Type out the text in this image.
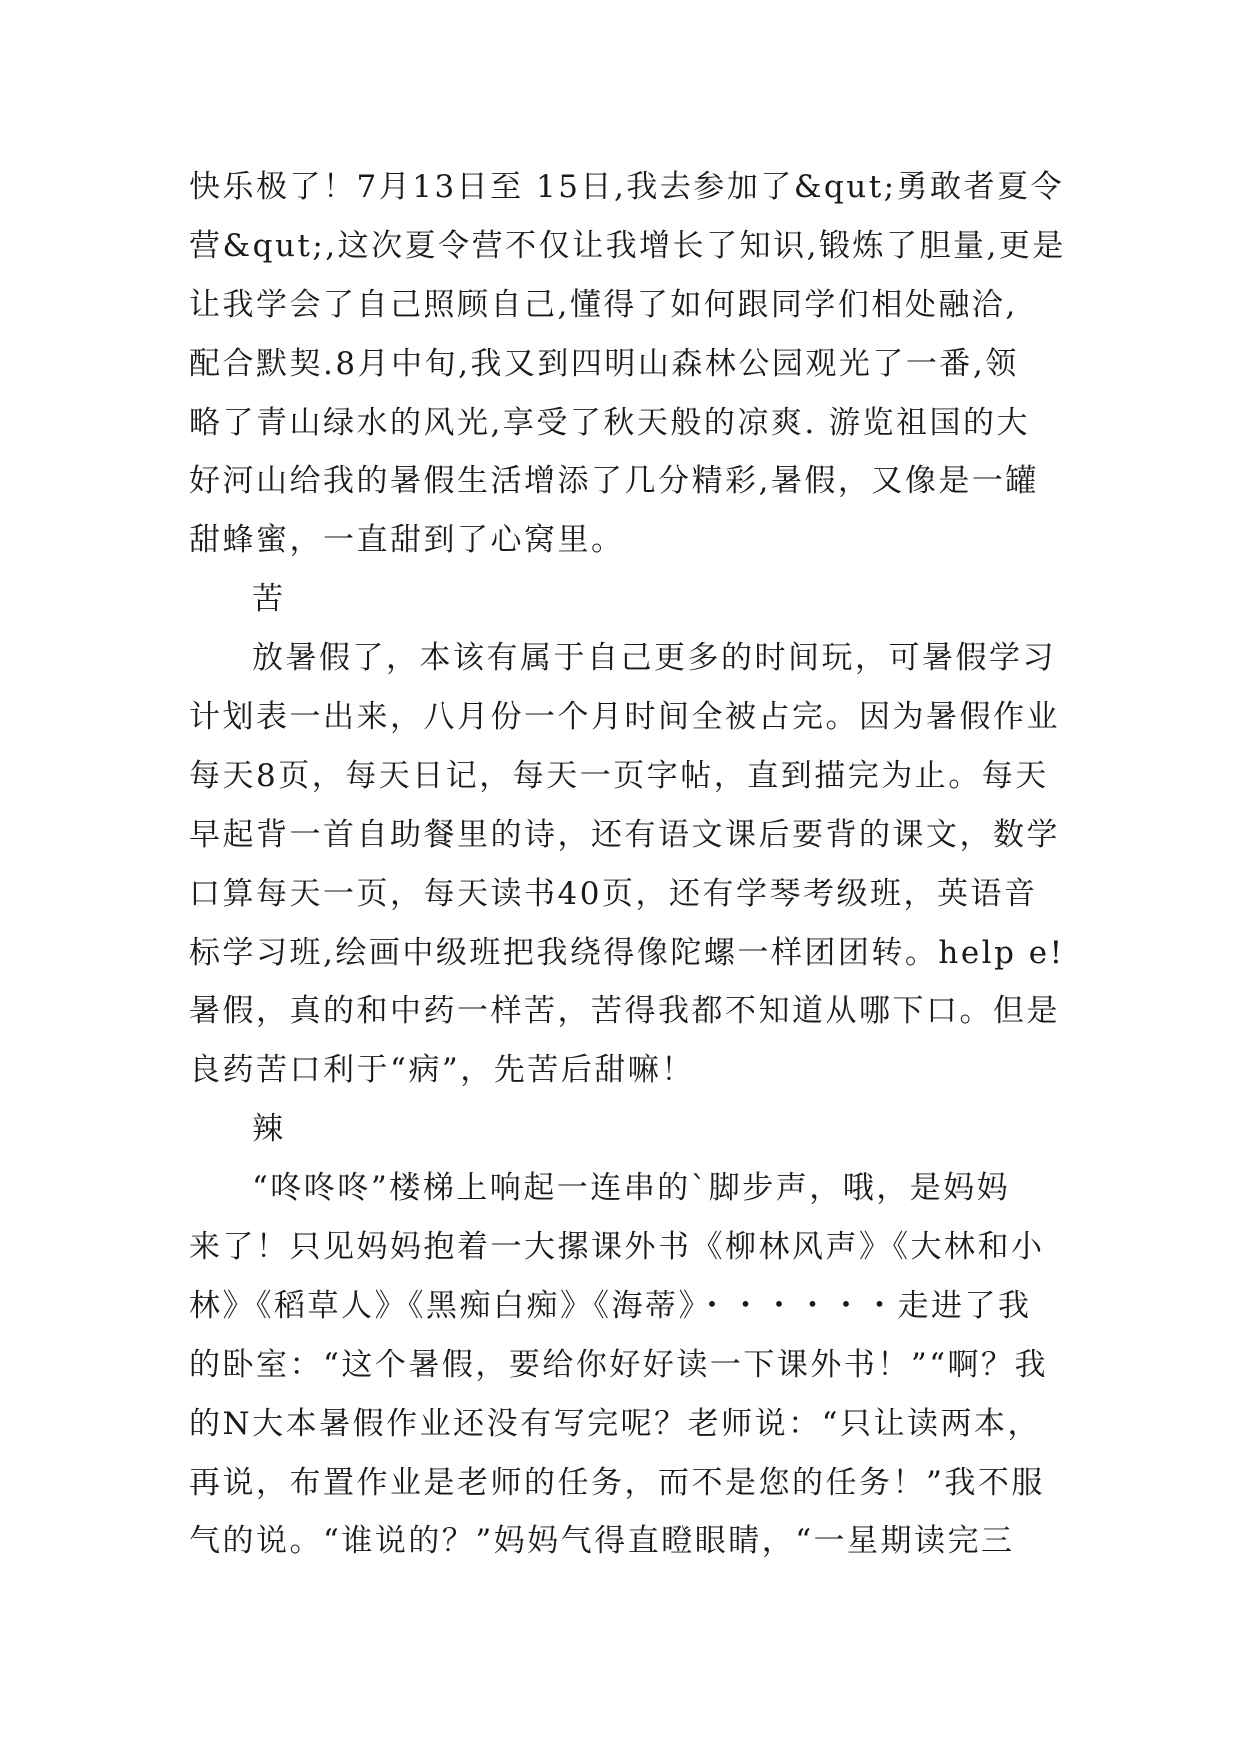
快乐极了！7月13日至 15日,我去参加了&qut;勇敢者夏令
营&qut;,这次夏令营不仅让我增长了知识,锻炼了胆量,更是
让我学会了自己照顾自己,懂得了如何跟同学们相处融洽,
配合默契.8月中旬,我又到四明山森林公园观光了一番,领
略了青山绿水的风光,享受了秋天般的凉爽. 游览祖国的大
好河山给我的暑假生活增添了几分精彩,暑假，又像是一罐
甜蜂蜜，一直甜到了心窝里。
苦
放暑假了，本该有属于自己更多的时间玩，可暑假学习
计划表一出来，八月份一个月时间全被占完。因为暑假作业
每天8页，每天日记，每天一页字帖，直到描完为止。每天
早起背一首自助餐里的诗，还有语文课后要背的课文，数学
口算每天一页，每天读书40页，还有学琴考级班，英语音
标学习班,绘画中级班把我绕得像陀螺一样团团转。help e!
暑假，真的和中药一样苦，苦得我都不知道从哪下口。但是
良药苦口利于“病”，先苦后甜嘛！
辣
“咚咚咚”楼梯上响起一连串的`脚步声，哦，是妈妈
来了！只见妈妈抱着一大摞课外书《柳林风声》《大林和小
林》《稻草人》《黑痴白痴》《海蒂》・・・・・・走进了我
的卧室：“这个暑假，要给你好好读一下课外书！”“啊？我
的N大本暑假作业还没有写完呢？老师说：“只让读两本，
再说，布置作业是老师的任务，而不是您的任务！”我不服
气的说。“谁说的？”妈妈气得直瞪眼睛，“一星期读完三
